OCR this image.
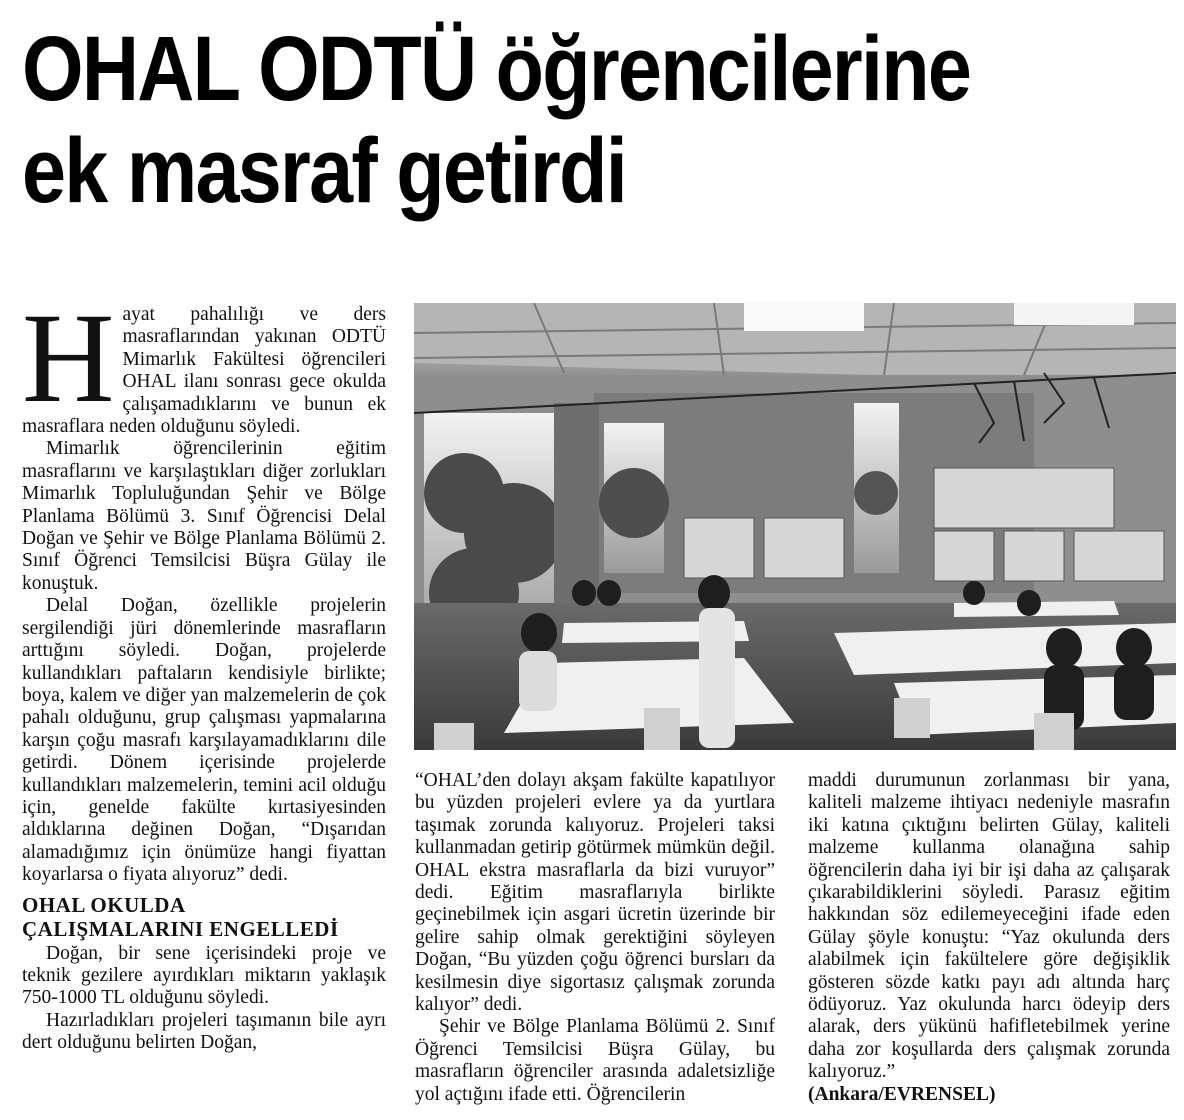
OHAL ODTÜ öğrencilerine
ek masraf getirdi

Hayat pahalılığı ve ders masraflarından yakınan ODTÜ Mimarlık Fakültesi öğrencileri OHAL ilanı sonrası gece okulda çalışamadıklarını ve bunun ek masraflara neden olduğunu söyledi.

Mimarlık öğrencilerinin eğitim masraflarını ve karşılaştıkları diğer zorlukları Mimarlık Topluluğundan Şehir ve Bölge Planlama Bölümü 3. Sınıf Öğrencisi Delal Doğan ve Şehir ve Bölge Planlama Bölümü 2. Sınıf Öğrenci Temsilcisi Büşra Gülay ile konuştuk.

Delal Doğan, özellikle projelerin sergilendiği jüri dönemlerinde masrafların arttığını söyledi. Doğan, projelerde kullandıkları paftaların kendisiyle birlikte; boya, kalem ve diğer yan malzemelerin de çok pahalı olduğunu, grup çalışması yapmalarına karşın çoğu masrafı karşılayamadıklarını dile getirdi. Dönem içerisinde projelerde kullandıkları malzemelerin, temini acil olduğu için, genelde fakülte kırtasiyesinden aldıklarına değinen Doğan, “Dışarıdan alamadığımız için önümüze hangi fiyattan koyarlarsa o fiyata alıyoruz” dedi.

OHAL OKULDA
ÇALIŞMALARINI ENGELLEDİ

Doğan, bir sene içerisindeki proje ve teknik gezilere ayırdıkları miktarın yaklaşık 750-1000 TL olduğunu söyledi.

Hazırladıkları projeleri taşımanın bile ayrı dert olduğunu belirten Doğan,

“OHAL’den dolayı akşam fakülte kapatılıyor bu yüzden projeleri evlere ya da yurtlara taşımak zorunda kalıyoruz. Projeleri taksi kullanmadan getirip götürmek mümkün değil. OHAL ekstra masraflarla da bizi vuruyor” dedi. Eğitim masraflarıyla birlikte geçinebilmek için asgari ücretin üzerinde bir gelire sahip olmak gerektiğini söyleyen Doğan, “Bu yüzden çoğu öğrenci bursları da kesilmesin diye sigortasız çalışmak zorunda kalıyor” dedi.

Şehir ve Bölge Planlama Bölümü 2. Sınıf Öğrenci Temsilcisi Büşra Gülay, bu masrafların öğrenciler arasında adaletsizliğe yol açtığını ifade etti. Öğrencilerin

maddi durumunun zorlanması bir yana, kaliteli malzeme ihtiyacı nedeniyle masrafın iki katına çıktığını belirten Gülay, kaliteli malzeme kullanma olanağına sahip öğrencilerin daha iyi bir işi daha az çalışarak çıkarabildiklerini söyledi. Parasız eğitim hakkından söz edilemeyeceğini ifade eden Gülay şöyle konuştu: “Yaz okulunda ders alabilmek için fakültelere göre değişiklik gösteren sözde katkı payı adı altında harç ödüyoruz. Yaz okulunda harcı ödeyip ders alarak, ders yükünü hafifletebilmek yerine daha zor koşullarda ders çalışmak zorunda kalıyoruz.”

(Ankara/EVRENSEL)
